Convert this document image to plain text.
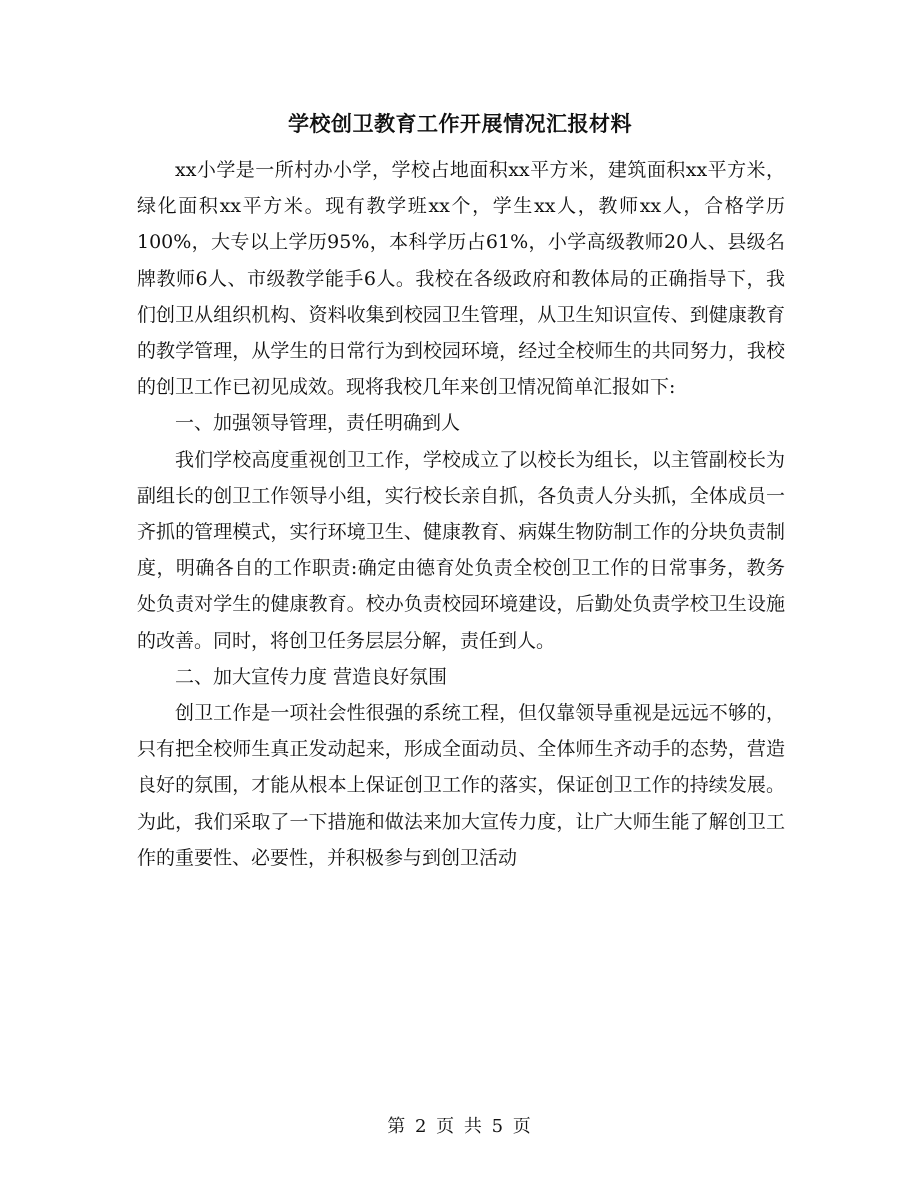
学校创卫教育工作开展情况汇报材料

xx小学是一所村办小学，学校占地面积xx平方米，建筑面积xx平方米，绿化面积xx平方米。现有教学班xx个，学生xx人，教师xx人，合格学历100%，大专以上学历95%，本科学历占61%，小学高级教师20人、县级名牌教师6人、市级教学能手6人。我校在各级政府和教体局的正确指导下，我们创卫从组织机构、资料收集到校园卫生管理，从卫生知识宣传、到健康教育的教学管理，从学生的日常行为到校园环境，经过全校师生的共同努力，我校的创卫工作已初见成效。现将我校几年来创卫情况简单汇报如下:

一、加强领导管理，责任明确到人

我们学校高度重视创卫工作，学校成立了以校长为组长，以主管副校长为副组长的创卫工作领导小组，实行校长亲自抓，各负责人分头抓，全体成员一齐抓的管理模式，实行环境卫生、健康教育、病媒生物防制工作的分块负责制度，明确各自的工作职责:确定由德育处负责全校创卫工作的日常事务，教务处负责对学生的健康教育。校办负责校园环境建设，后勤处负责学校卫生设施的改善。同时，将创卫任务层层分解，责任到人。

二、加大宣传力度 营造良好氛围

创卫工作是一项社会性很强的系统工程，但仅靠领导重视是远远不够的，只有把全校师生真正发动起来，形成全面动员、全体师生齐动手的态势，营造良好的氛围，才能从根本上保证创卫工作的落实，保证创卫工作的持续发展。为此，我们采取了一下措施和做法来加大宣传力度，让广大师生能了解创卫工作的重要性、必要性，并积极参与到创卫活动

第 2 页 共 5 页
